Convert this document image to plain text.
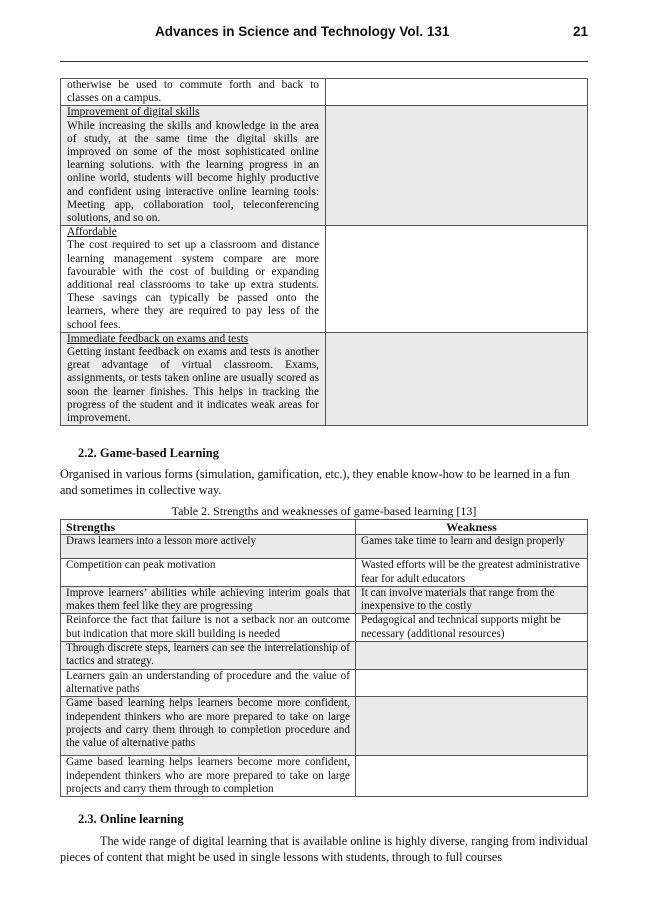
Advances in Science and Technology Vol. 131	21
otherwise be used to commute forth and back to classes on a campus.	

Improvement of digital skills
While increasing the skills and knowledge in the area of study, at the same time the digital skills are improved on some of the most sophisticated online learning solutions. with the learning progress in an online world, students will become highly productive and confident using interactive online learning tools: Meeting app, collaboration tool, teleconferencing solutions, and so on.	

Affordable
The cost required to set up a classroom and distance learning management system compare are more favourable with the cost of building or expanding additional real classrooms to take up extra students. These savings can typically be passed onto the learners, where they are required to pay less of the school fees.	

Immediate feedback on exams and tests
Getting instant feedback on exams and tests is another great advantage of virtual classroom. Exams, assignments, or tests taken online are usually scored as soon the learner finishes. This helps in tracking the progress of the student and it indicates weak areas for improvement.	

2.2. Game-based Learning

Organised in various forms (simulation, gamification, etc.), they enable know-how to be learned in a fun and sometimes in collective way.

Table 2. Strengths and weaknesses of game-based learning [13]
Strengths	Weakness
Draws learners into a lesson more actively	Games take time to learn and design properly
Competition can peak motivation	Wasted efforts will be the greatest administrative fear for adult educators
Improve learners’ abilities while achieving interim goals that makes them feel like they are progressing	It can involve materials that range from the inexpensive to the costly
Reinforce the fact that failure is not a setback nor an outcome but indication that more skill building is needed	Pedagogical and technical supports might be necessary (additional resources)
Through discrete steps, learners can see the interrelationship of tactics and strategy.	
Learners gain an understanding of procedure and the value of alternative paths	
Game based learning helps learners become more confident, independent thinkers who are more prepared to take on large projects and carry them through to completion procedure and the value of alternative paths	
Game based learning helps learners become more confident, independent thinkers who are more prepared to take on large projects and carry them through to completion	
2.3. Online learning

The wide range of digital learning that is available online is highly diverse, ranging from individual pieces of content that might be used in single lessons with students, through to full courses
